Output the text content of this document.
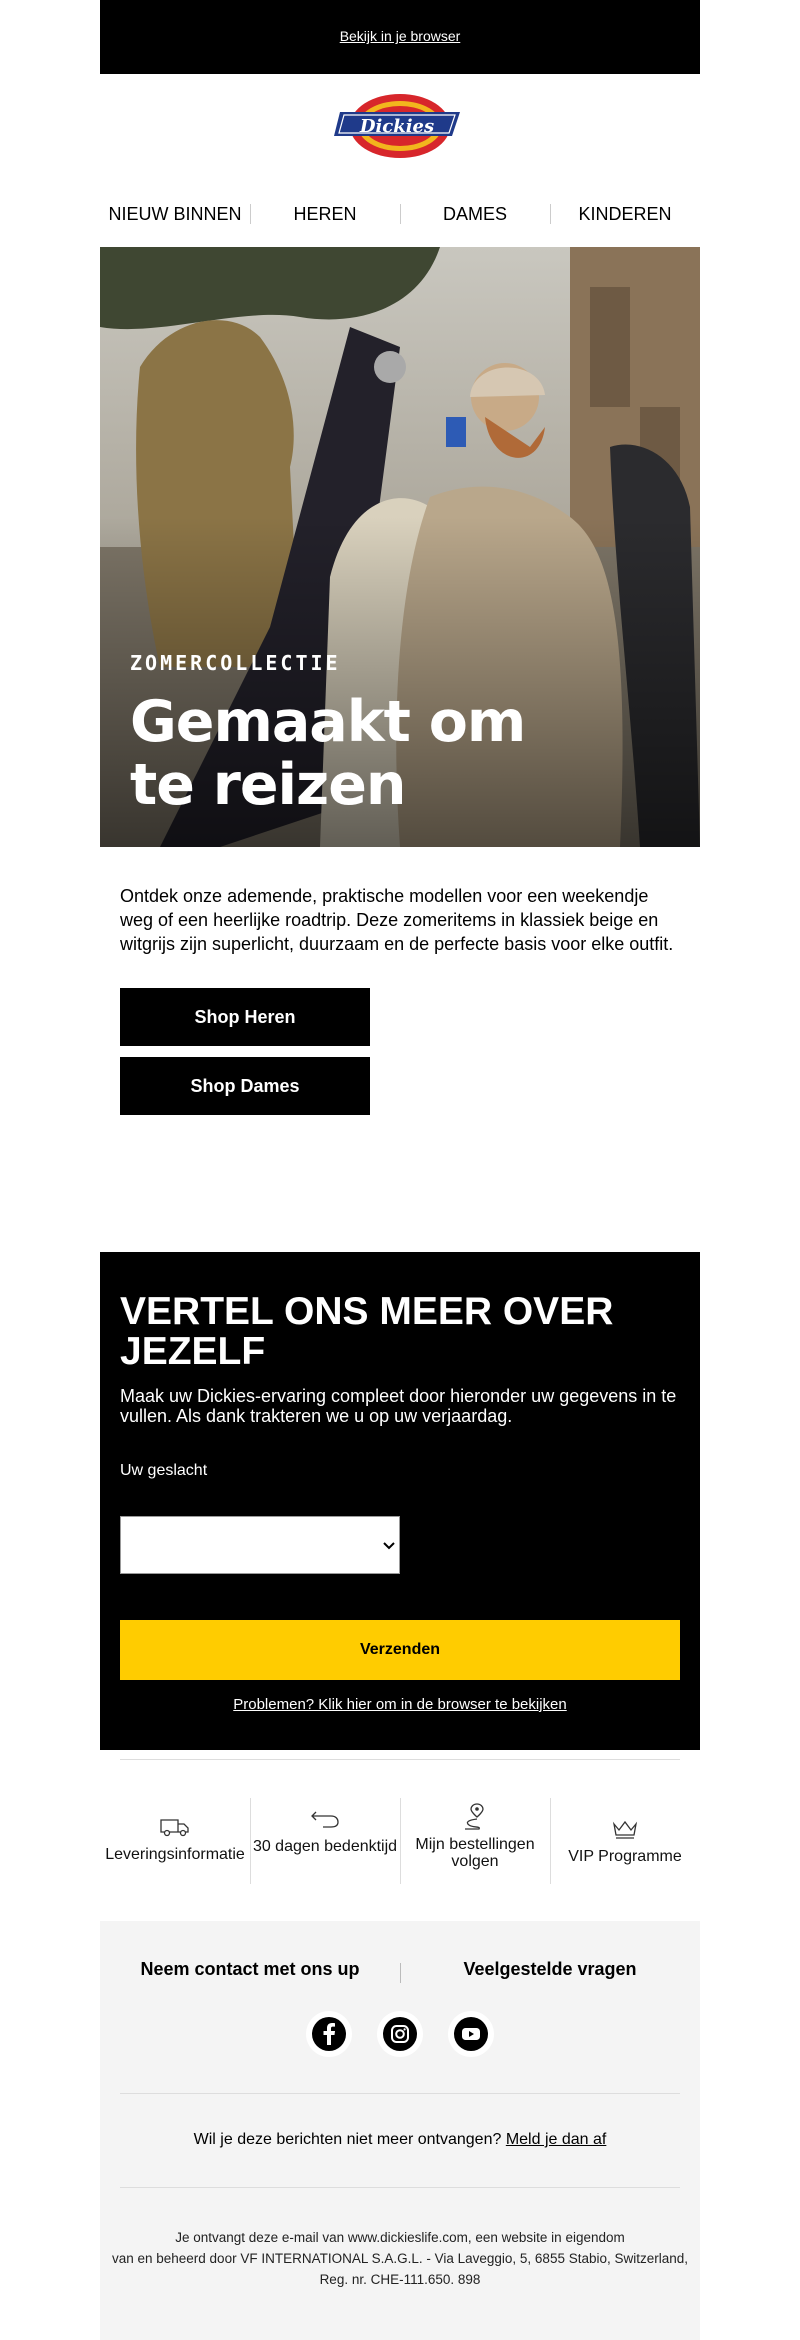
Bekijk in je browser
Dickies
NIEUW BINNEN	HEREN	DAMES	KINDEREN
ZOMERCOLLECTIE
Gemaakt om te reizen

Ontdek onze ademende, praktische modellen voor een weekendje weg of een heerlijke roadtrip. Deze zomeritems in klassiek beige en witgrijs zijn superlicht, duurzaam en de perfecte basis voor elke outfit.

Shop Heren
Shop Dames
VERTEL ONS MEER OVER JEZELF

Maak uw Dickies-ervaring compleet door hieronder uw gegevens in te vullen. Als dank trakteren we u op uw verjaardag.

Uw geslacht
Verzenden
Problemen? Klik hier om in de browser te bekijken
Leveringsinformatie 30 dagen bedenktijd	Mijn bestellingen volgen	VIP Programme
Neem contact met ons up	Veelgestelde vragen
Wil je deze berichten niet meer ontvangen? Meld je dan af
Je ontvangt deze e-mail van www.dickieslife.com, een website in eigendom
van en beheerd door VF INTERNATIONAL S.A.G.L. - Via Laveggio, 5, 6855 Stabio, Switzerland,
Reg. nr. CHE-111.650. 898
